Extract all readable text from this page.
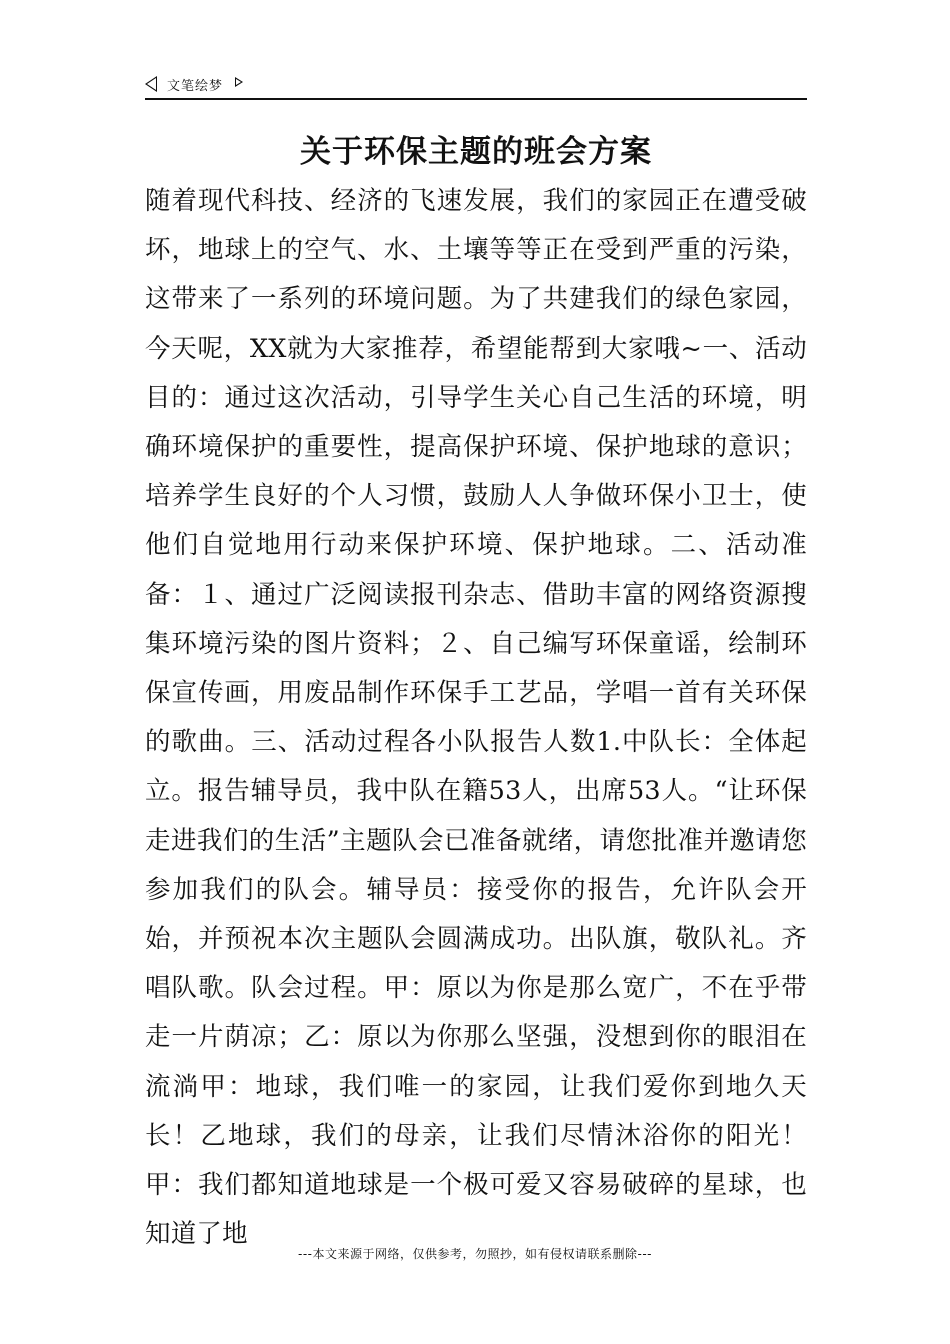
文笔绘梦
关于环保主题的班会方案

随着现代科技、经济的飞速发展，我们的家园正在遭受破坏，地球上的空气、水、土壤等等正在受到严重的污染，这带来了一系列的环境问题。为了共建我们的绿色家园，今天呢，XX就为大家推荐，希望能帮到大家哦~一、活动目的：通过这次活动，引导学生关心自己生活的环境，明确环境保护的重要性，提高保护环境、保护地球的意识；培养学生良好的个人习惯，鼓励人人争做环保小卫士，使他们自觉地用行动来保护环境、保护地球。二、活动准备：１、通过广泛阅读报刊杂志、借助丰富的网络资源搜集环境污染的图片资料；２、自己编写环保童谣，绘制环保宣传画，用废品制作环保手工艺品，学唱一首有关环保的歌曲。三、活动过程各小队报告人数1.中队长：全体起立。报告辅导员，我中队在籍53人，出席53人。“让环保走进我们的生活”主题队会已准备就绪，请您批准并邀请您参加我们的队会。辅导员：接受你的报告，允许队会开始，并预祝本次主题队会圆满成功。出队旗，敬队礼。齐唱队歌。队会过程。甲：原以为你是那么宽广，不在乎带走一片荫凉；乙：原以为你那么坚强，没想到你的眼泪在流淌甲：地球，我们唯一的家园，让我们爱你到地久天长！乙地球，我们的母亲，让我们尽情沐浴你的阳光！甲：我们都知道地球是一个极可爱又容易破碎的星球，也知道了地

---本文来源于网络，仅供参考，勿照抄，如有侵权请联系删除---
